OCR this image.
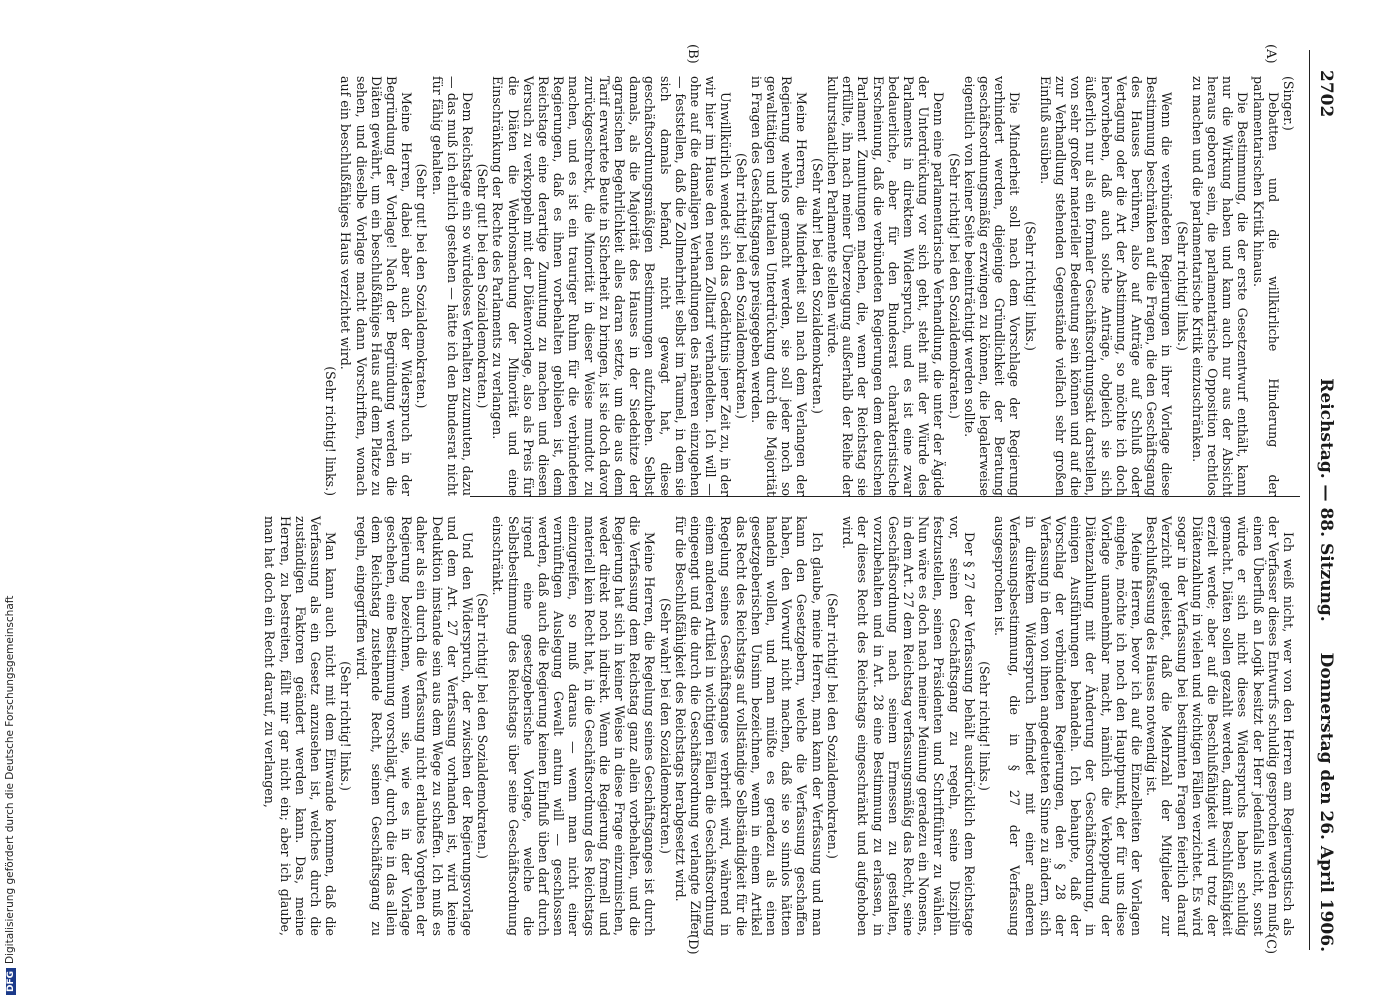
2702
Reichstag. — 88. Sitzung.
Donnerstag den 26. April 1906.
(A)
(B)
(C)
(D)

(Singer.)

Debatten und die willkürliche Hinderung der parlamentarischen Kritik hinaus.

Die Bestimmung, die der erste Gesetzentwurf enthält, kann nur die Wirkung haben und kann auch nur aus der Absicht heraus geboren sein, die parlamentarische Opposition rechtlos zu machen und die parlamentarische Kritik einzuschränken.

(Sehr richtig! links.)

Wenn die verbündeten Regierungen in ihrer Vorlage diese Bestimmung beschränken auf die Fragen, die den Geschäftsgang des Hauses berühren, also auf Anträge auf Schluß oder Vertagung oder die Art der Abstimmung, so möchte ich doch hervorheben, daß auch solche Anträge, obgleich sie sich äußerlich nur als ein formaler Geschäftsordnungsakt darstellen, von sehr großer materieller Bedeutung sein können und auf die zur Verhandlung stehenden Gegenstände vielfach sehr großen Einfluß ausüben.

(Sehr richtig! links.)

Die Minderheit soll nach dem Vorschlage der Regierung verhindert werden, diejenige Gründlichkeit der Beratung geschäftsordnungsmäßig erzwingen zu können, die legalerweise eigentlich von keiner Seite beeinträchtigt werden sollte.

(Sehr richtig! bei den Sozialdemokraten.)

Denn eine parlamentarische Verhandlung, die unter der Ägide der Unterdrückung vor sich geht, steht mit der Würde des Parlaments in direktem Widerspruch, und es ist eine zwar bedauerliche, aber für den Bundesrat charakteristische Erscheinung, daß die verbündeten Regierungen dem deutschen Parlament Zumutungen machen, die, wenn der Reichstag sie erfüllte, ihn nach meiner Überzeugung außerhalb der Reihe der kulturstaatlichen Parlamente stellen würde.

(Sehr wahr! bei den Sozialdemokraten.)

Meine Herren, die Minderheit soll nach dem Verlangen der Regierung wehrlos gemacht werden, sie soll jeder noch so gewalttätigen und brutalen Unterdrückung durch die Majorität in Fragen des Geschäftsganges preisgegeben werden.

(Sehr richtig! bei den Sozialdemokraten.)

Unwillkürlich wendet sich das Gedächtnis jener Zeit zu, in der wir hier im Hause den neuen Zolltarif verhandelten. Ich will — ohne auf die damaligen Verhandlungen des näheren einzugehen — feststellen, daß die Zollmehrheit selbst im Taumel, in dem sie sich damals befand, nicht gewagt hat, diese geschäftsordnungsmäßigen Bestimmungen aufzuheben. Selbst damals, als die Majorität des Hauses in der Siedehitze der agrarischen Begehrlichkeit alles daran setzte, um die aus dem Tarif erwartete Beute in Sicherheit zu bringen, ist sie doch davor zurückgeschreckt, die Minorität in dieser Weise mundtot zu machen, und es ist ein trauriger Ruhm für die verbündeten Regierungen, daß es ihnen vorbehalten geblieben ist, dem Reichstage eine derartige Zumutung zu machen und diesen Versuch zu verkoppeln mit der Diätenvorlage, also als Preis für die Diäten die Wehrlosmachung der Minorität und eine Einschränkung der Rechte des Parlaments zu verlangen.

(Sehr gut! bei den Sozialdemokraten.)

Dem Reichstage ein so würdeloses Verhalten zuzumuten, dazu — das muß ich ehrlich gestehen — hätte ich den Bundesrat nicht für fähig gehalten.

(Sehr gut! bei den Sozialdemokraten.)

Meine Herren, dabei aber auch der Widerspruch in der Begründung der Vorlage! Nach der Begründung werden die Diäten gewährt, um ein beschlußfähiges Haus auf dem Platze zu sehen, und dieselbe Vorlage macht dann Vorschriften, wonach auf ein beschlußfähiges Haus verzichtet wird.

(Sehr richtig! links.)

Ich weiß nicht, wer von den Herren am Regierungstisch als der Verfasser dieses Entwurfs schuldig gesprochen werden muß: einen Überfluß an Logik besitzt der Herr jedenfalls nicht, sonst würde er sich nicht dieses Widerspruchs haben schuldig gemacht. Diäten sollen gezahlt werden, damit Beschlußfähigkeit erzielt werde; aber auf die Beschlußfähigkeit wird trotz der Diätenzahlung in vielen und wichtigen Fällen verzichtet. Es wird sogar in der Verfassung bei bestimmten Fragen feierlich darauf Verzicht geleistet, daß die Mehrzahl der Mitglieder zur Beschlußfassung des Hauses notwendig ist.

Meine Herren, bevor ich auf die Einzelheiten der Vorlagen eingehe, möchte ich noch den Hauptpunkt, der für uns diese Vorlage unannehmbar macht, nämlich die Verkoppelung der Diätenzahlung mit der Änderung der Geschäftsordnung, in einigen Ausführungen behandeln. Ich behaupte, daß der Vorschlag der verbündeten Regierungen, den § 28 der Verfassung in dem von ihnen angedeuteten Sinne zu ändern, sich in direktem Widerspruch befindet mit einer anderen Verfassungsbestimmung, die in § 27 der Verfassung ausgesprochen ist.

(Sehr richtig! links.)

Der § 27 der Verfassung behält ausdrücklich dem Reichstage vor, seinen Geschäftsgang zu regeln, seine Disziplin festzustellen, seinen Präsidenten und Schriftführer zu wählen. Nun wäre es doch nach meiner Meinung geradezu ein Nonsens, in dem Art. 27 dem Reichstag verfassungsmäßig das Recht, seine Geschäftsordnung nach seinem Ermessen zu gestalten, vorzubehalten und in Art. 28 eine Bestimmung zu erlassen, in der dieses Recht des Reichstags eingeschränkt und aufgehoben wird.

(Sehr richtig! bei den Sozialdemokraten.)

Ich glaube, meine Herren, man kann der Verfassung und man kann den Gesetzgebern, welche die Verfassung geschaffen haben, den Vorwurf nicht machen, daß sie so sinnlos hätten handeln wollen, und man müßte es geradezu als einen gesetzgeberischen Unsinn bezeichnen, wenn in einem Artikel das Recht des Reichstags auf vollständige Selbständigkeit für die Regelung seines Geschäftsganges verbrieft wird, während in einem anderen Artikel in wichtigen Fällen die Geschäftsordnung eingeengt und die durch die Geschäftsordnung verlangte Ziffer für die Beschlußfähigkeit des Reichstags herabgesetzt wird.

(Sehr wahr! bei den Sozialdemokraten.)

Meine Herren, die Regelung seines Geschäftsganges ist durch die Verfassung dem Reichstag ganz allein vorbehalten, und die Regierung hat sich in keiner Weise in diese Frage einzumischen, weder direkt noch indirekt. Wenn die Regierung formell und materiell kein Recht hat, in die Geschäftsordnung des Reichstags einzugreifen, so muß daraus — wenn man nicht einer vernünftigen Auslegung Gewalt antun will — geschlossen werden, daß auch die Regierung keinen Einfluß üben darf durch irgend eine gesetzgeberische Vorlage, welche die Selbstbestimmung des Reichstags über seine Geschäftsordnung einschränkt.

(Sehr richtig! bei den Sozialdemokraten.)

Und den Widerspruch, der zwischen der Regierungsvorlage und dem Art. 27 der Verfassung vorhanden ist, wird keine Deduktion imstande sein aus dem Wege zu schaffen. Ich muß es daher als ein durch die Verfassung nicht erlaubtes Vorgehen der Regierung bezeichnen, wenn sie, wie es in der Vorlage geschehen, eine Bestimmung vorschlägt, durch die in das allein dem Reichstag zustehende Recht, seinen Geschäftsgang zu regeln, eingegriffen wird.

(Sehr richtig! links.)

Man kann auch nicht mit dem Einwande kommen, daß die Verfassung als ein Gesetz anzusehen ist, welches durch die zuständigen Faktoren geändert werden kann. Das, meine Herren, zu bestreiten, fällt mir gar nicht ein; aber ich glaube, man hat doch ein Recht darauf, zu verlangen,

DFGDigitalisierung gefördert durch die Deutsche Forschungsgemeinschaft
